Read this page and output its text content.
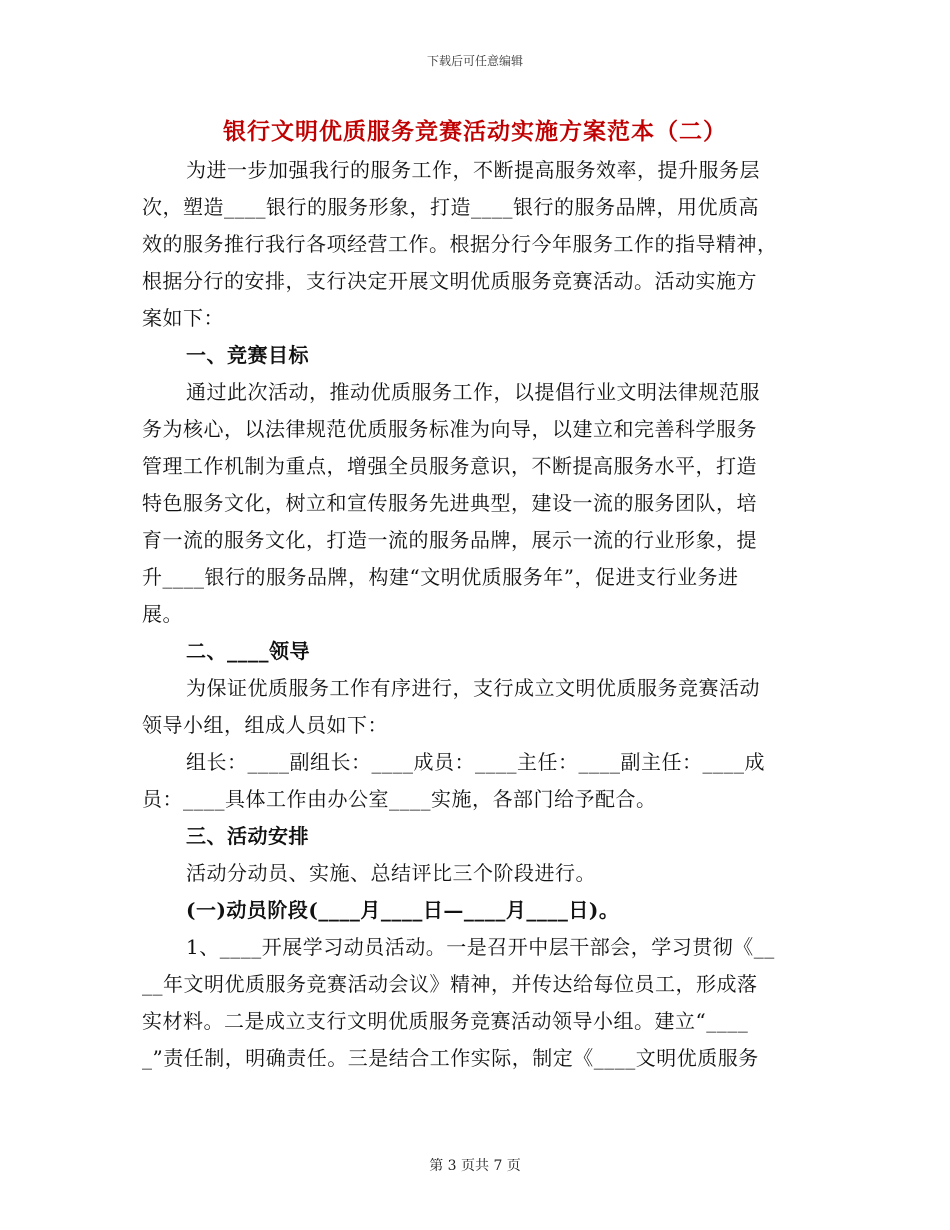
下载后可任意编辑
银行文明优质服务竞赛活动实施方案范本（二）
为进一步加强我行的服务工作，不断提高服务效率，提升服务层
次，塑造____银行的服务形象，打造____银行的服务品牌，用优质高
效的服务推行我行各项经营工作。根据分行今年服务工作的指导精神，
根据分行的安排，支行决定开展文明优质服务竞赛活动。活动实施方
案如下：
一、竞赛目标
通过此次活动，推动优质服务工作，以提倡行业文明法律规范服
务为核心，以法律规范优质服务标准为向导，以建立和完善科学服务
管理工作机制为重点，增强全员服务意识，不断提高服务水平，打造
特色服务文化，树立和宣传服务先进典型，建设一流的服务团队，培
育一流的服务文化，打造一流的服务品牌，展示一流的行业形象，提
升____银行的服务品牌，构建“文明优质服务年”，促进支行业务进
展。
二、____领导
为保证优质服务工作有序进行，支行成立文明优质服务竞赛活动
领导小组，组成人员如下：
组长：____副组长：____成员：____主任：____副主任：____成
员：____具体工作由办公室____实施，各部门给予配合。
三、活动安排
活动分动员、实施、总结评比三个阶段进行。
(一)动员阶段(____月____日—____月____日)。
1、____开展学习动员活动。一是召开中层干部会，学习贯彻《__
__年文明优质服务竞赛活动会议》精神，并传达给每位员工，形成落
实材料。二是成立支行文明优质服务竞赛活动领导小组。建立“____
_”责任制，明确责任。三是结合工作实际，制定《____文明优质服务
第 3 页共 7 页
